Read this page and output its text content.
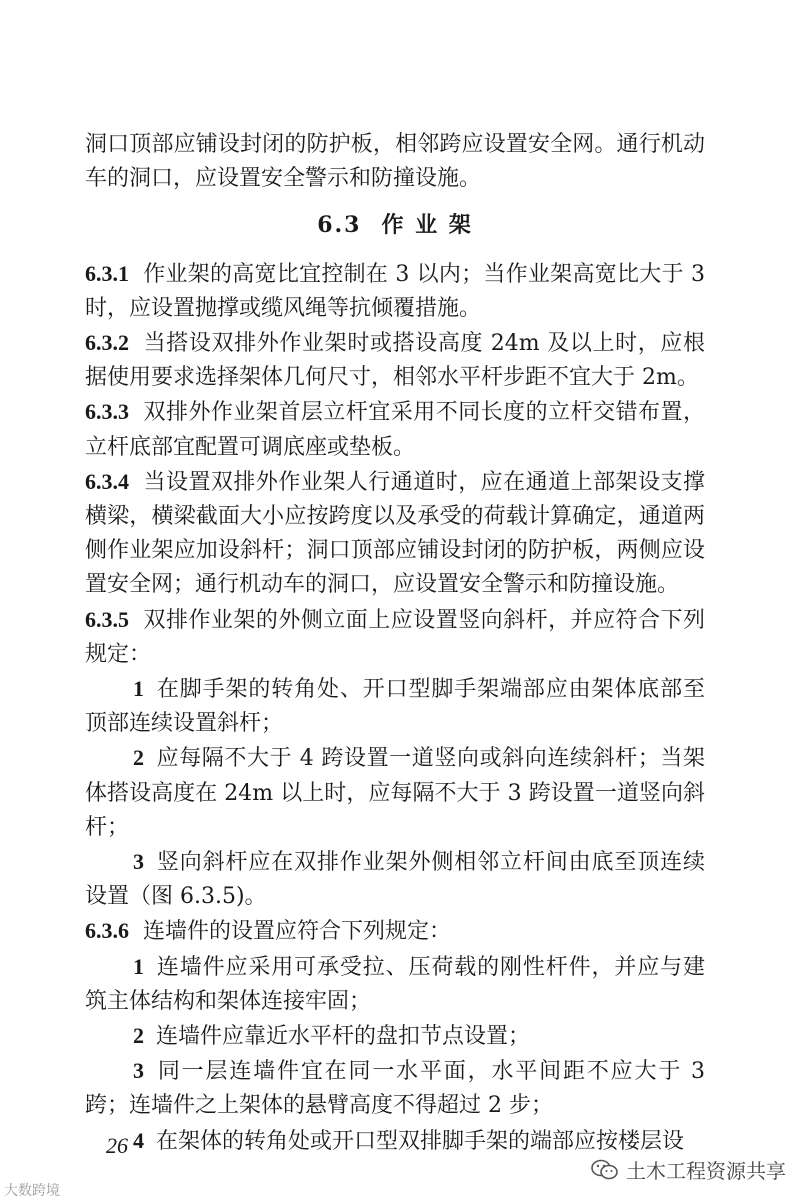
洞口顶部应铺设封闭的防护板，相邻跨应设置安全网。通行机动车的洞口，应设置安全警示和防撞设施。

6.3 作 业 架

6.3.1 作业架的高宽比宜控制在 3 以内；当作业架高宽比大于 3 时，应设置抛撑或缆风绳等抗倾覆措施。

6.3.2 当搭设双排外作业架时或搭设高度 24m 及以上时，应根据使用要求选择架体几何尺寸，相邻水平杆步距不宜大于 2m。

6.3.3 双排外作业架首层立杆宜采用不同长度的立杆交错布置，立杆底部宜配置可调底座或垫板。

6.3.4 当设置双排外作业架人行通道时，应在通道上部架设支撑横梁，横梁截面大小应按跨度以及承受的荷载计算确定，通道两侧作业架应加设斜杆；洞口顶部应铺设封闭的防护板，两侧应设置安全网；通行机动车的洞口，应设置安全警示和防撞设施。

6.3.5 双排作业架的外侧立面上应设置竖向斜杆，并应符合下列规定：

1 在脚手架的转角处、开口型脚手架端部应由架体底部至顶部连续设置斜杆；

2 应每隔不大于 4 跨设置一道竖向或斜向连续斜杆；当架体搭设高度在 24m 以上时，应每隔不大于 3 跨设置一道竖向斜杆；

3 竖向斜杆应在双排作业架外侧相邻立杆间由底至顶连续设置（图 6.3.5)。

6.3.6 连墙件的设置应符合下列规定：

1 连墙件应采用可承受拉、压荷载的刚性杆件，并应与建筑主体结构和架体连接牢固；

2 连墙件应靠近水平杆的盘扣节点设置；

3 同一层连墙件宜在同一水平面，水平间距不应大于 3 跨；连墙件之上架体的悬臂高度不得超过 2 步；

4 在架体的转角处或开口型双排脚手架的端部应按楼层设

26
大数跨境
土木工程资源共享
